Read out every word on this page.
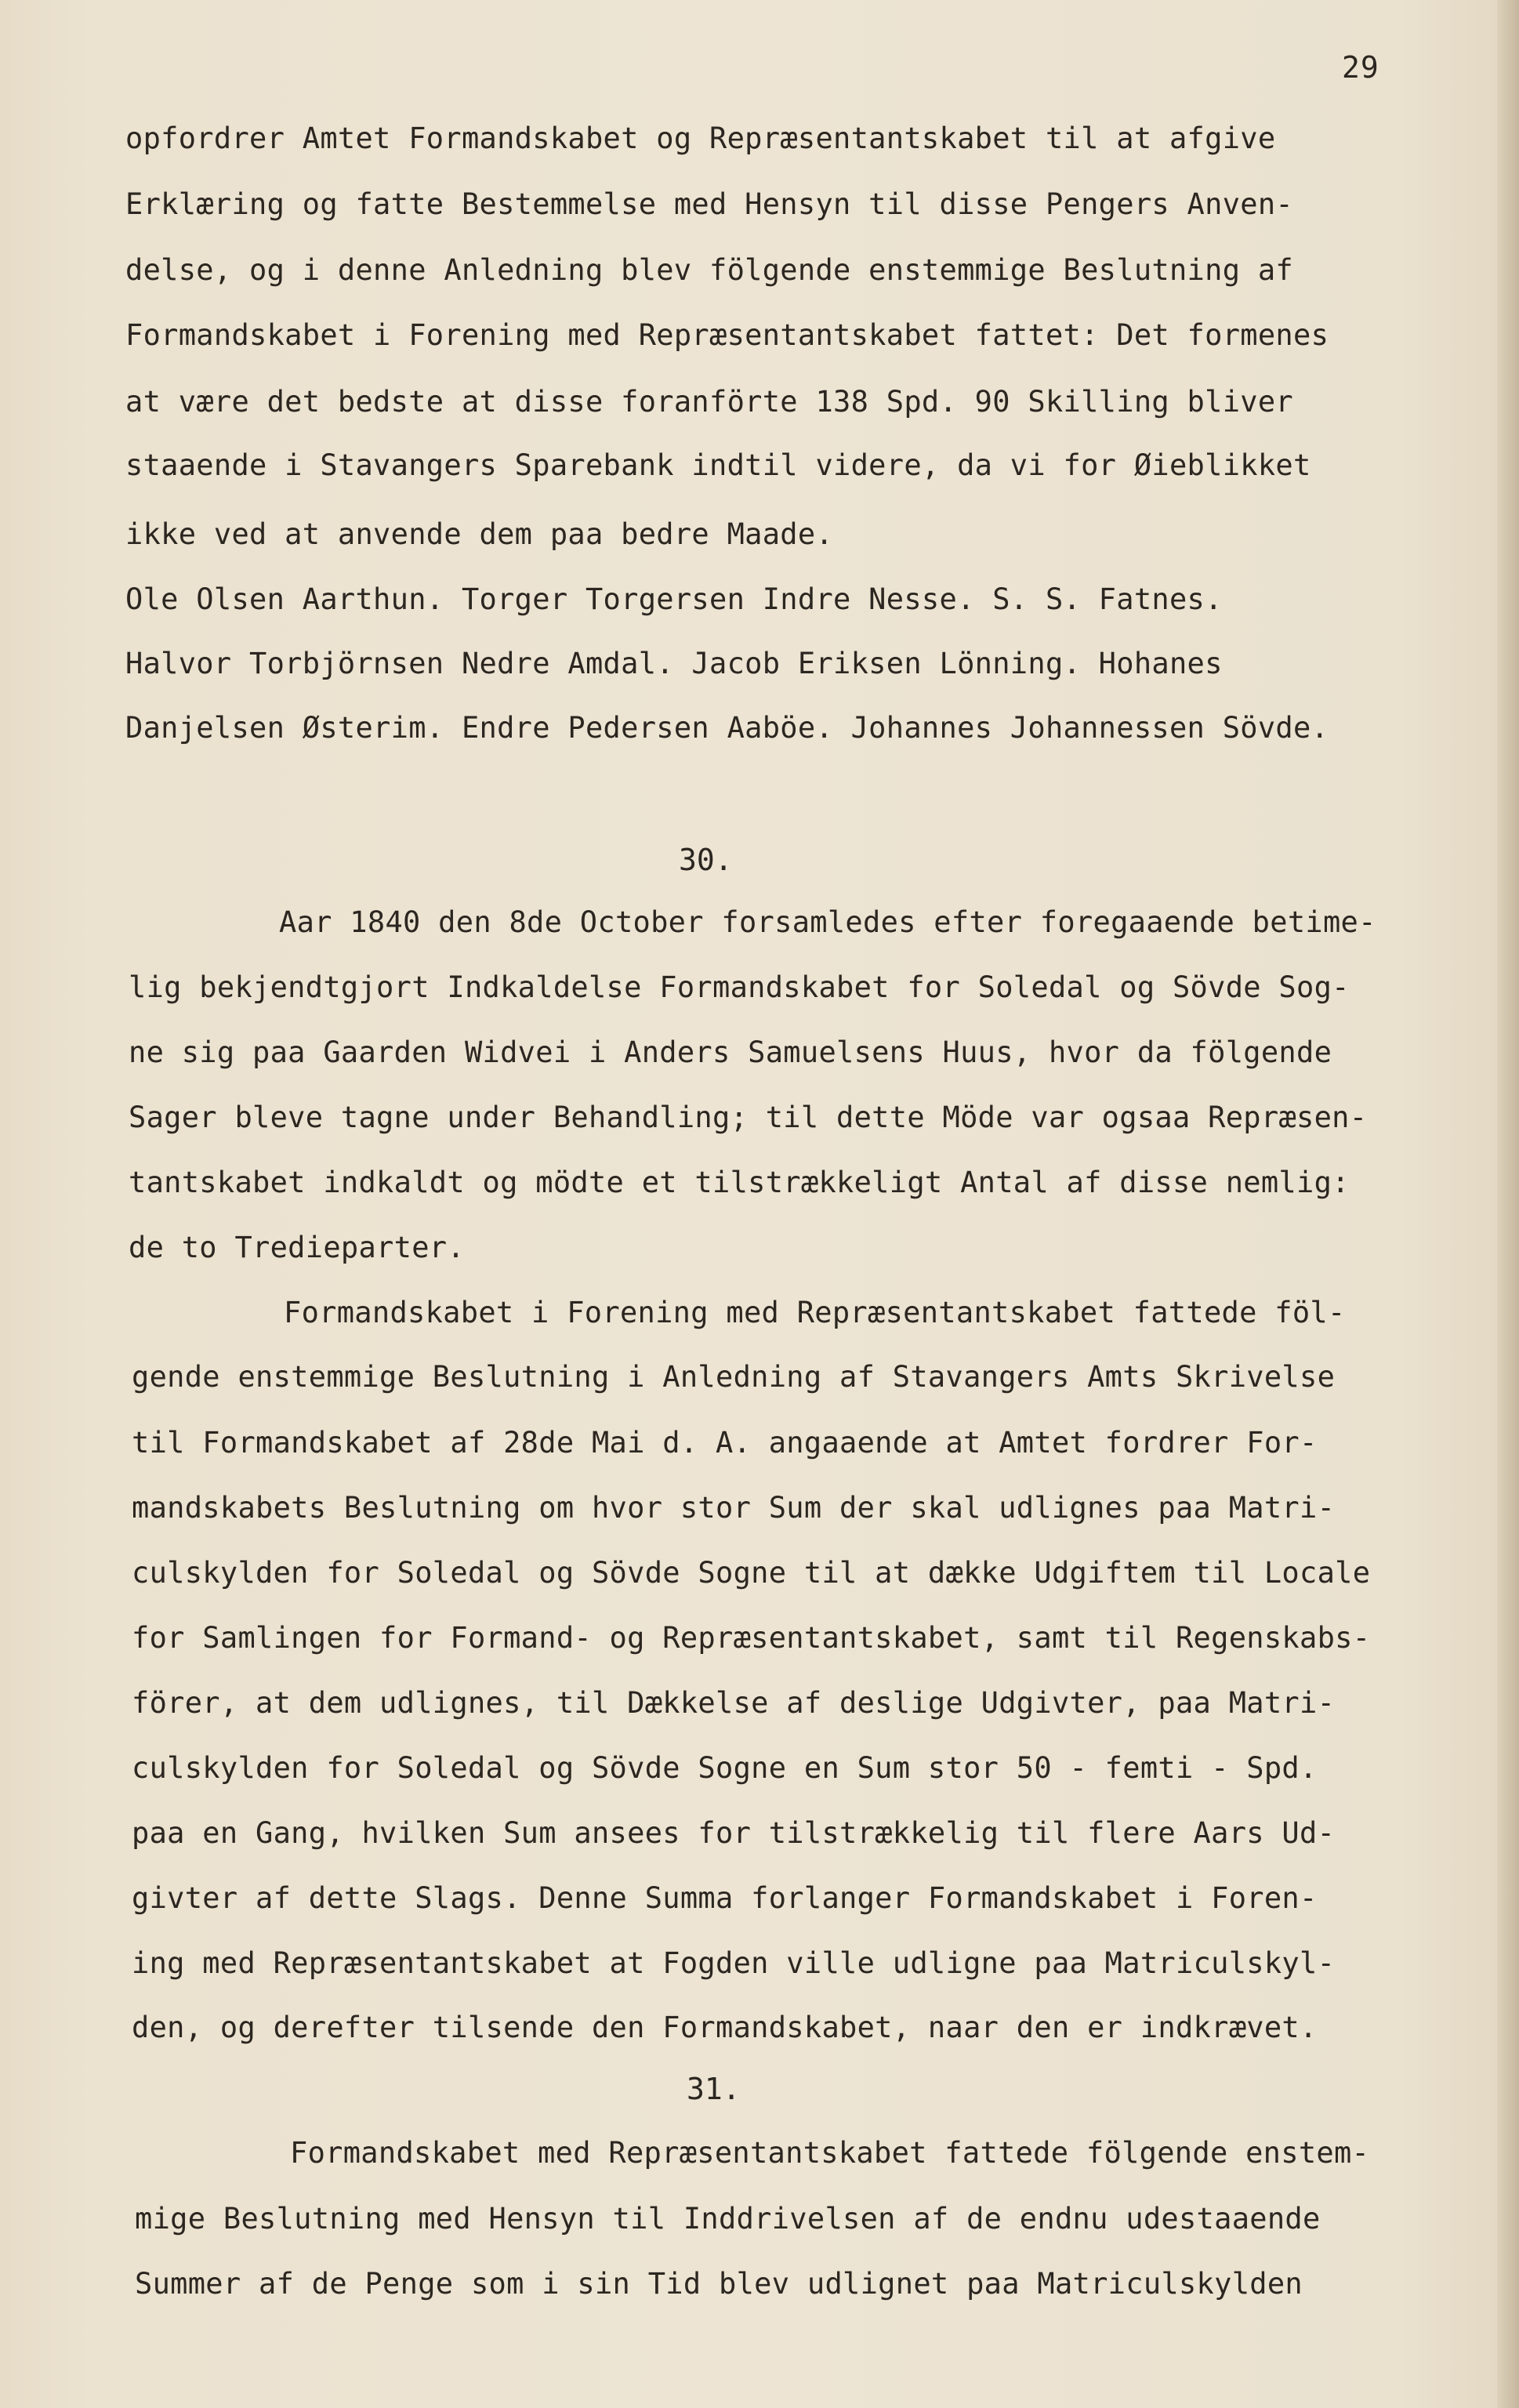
29
opfordrer Amtet Formandskabet og Repræsentantskabet til at afgive
Erklæring og fatte Bestemmelse med Hensyn til disse Pengers Anven-
delse, og i denne Anledning blev fölgende enstemmige Beslutning af
Formandskabet i Forening med Repræsentantskabet fattet: Det formenes
at være det bedste at disse foranförte 138 Spd. 90 Skilling bliver
staaende i Stavangers Sparebank indtil videre, da vi for Øieblikket
ikke ved at anvende dem paa bedre Maade.
Ole Olsen Aarthun. Torger Torgersen Indre Nesse. S. S. Fatnes.
Halvor Torbjörnsen Nedre Amdal. Jacob Eriksen Lönning. Hohanes
Danjelsen Østerim. Endre Pedersen Aaböe. Johannes Johannessen Sövde.
30.
Aar 1840 den 8de October forsamledes efter foregaaende betime-
lig bekjendtgjort Indkaldelse Formandskabet for Soledal og Sövde Sog-
ne sig paa Gaarden Widvei i Anders Samuelsens Huus, hvor da fölgende
Sager bleve tagne under Behandling; til dette Möde var ogsaa Repræsen-
tantskabet indkaldt og mödte et tilstrækkeligt Antal af disse nemlig:
de to Tredieparter.
Formandskabet i Forening med Repræsentantskabet fattede föl-
gende enstemmige Beslutning i Anledning af Stavangers Amts Skrivelse
til Formandskabet af 28de Mai d. A. angaaende at Amtet fordrer For-
mandskabets Beslutning om hvor stor Sum der skal udlignes paa Matri-
culskylden for Soledal og Sövde Sogne til at dække Udgiftem til Locale
for Samlingen for Formand- og Repræsentantskabet, samt til Regenskabs-
förer, at dem udlignes, til Dækkelse af deslige Udgivter, paa Matri-
culskylden for Soledal og Sövde Sogne en Sum stor 50 - femti - Spd.
paa en Gang, hvilken Sum ansees for tilstrækkelig til flere Aars Ud-
givter af dette Slags. Denne Summa forlanger Formandskabet i Foren-
ing med Repræsentantskabet at Fogden ville udligne paa Matriculskyl-
den, og derefter tilsende den Formandskabet, naar den er indkrævet.
31.
Formandskabet med Repræsentantskabet fattede fölgende enstem-
mige Beslutning med Hensyn til Inddrivelsen af de endnu udestaaende
Summer af de Penge som i sin Tid blev udlignet paa Matriculskylden
